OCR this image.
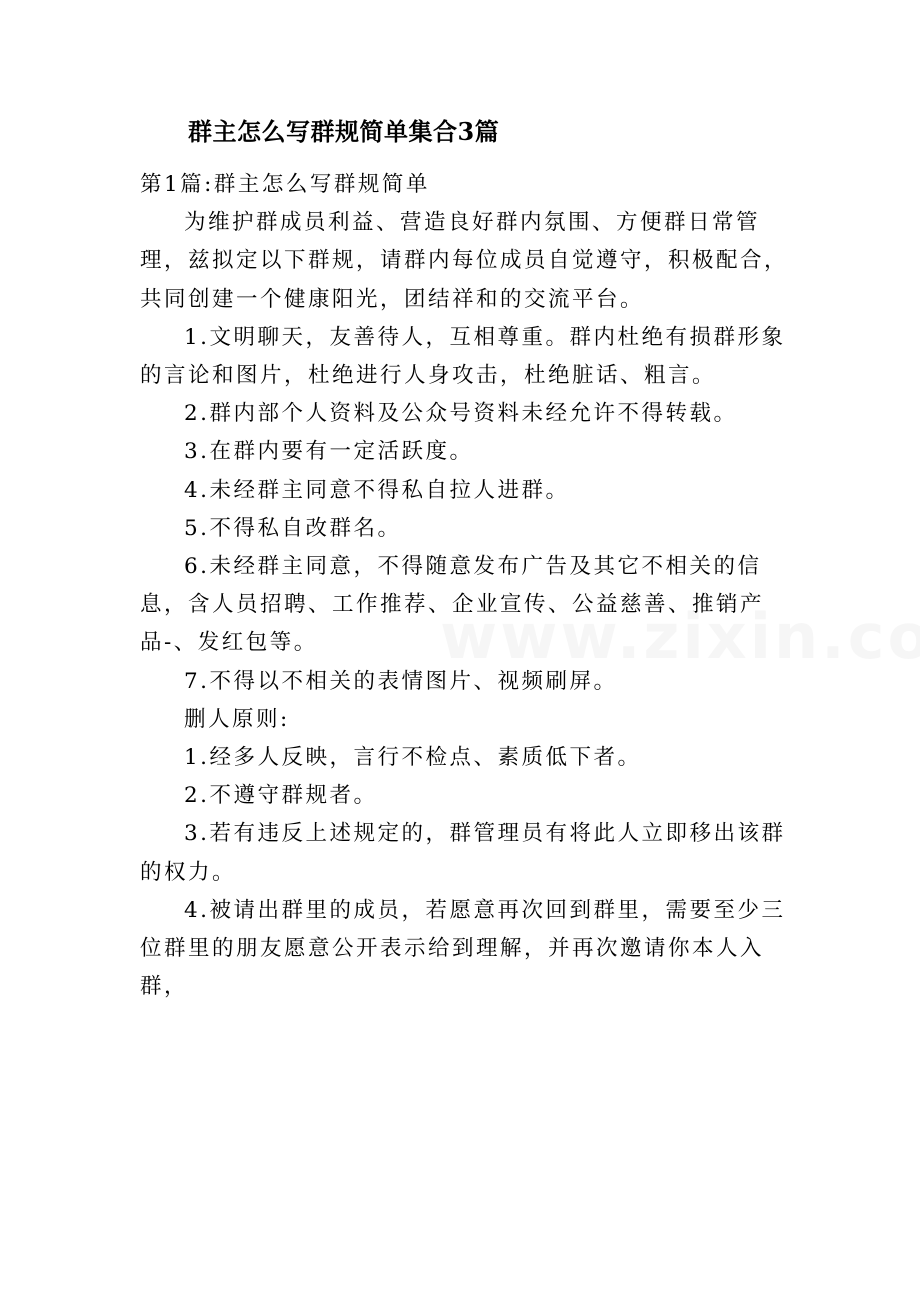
群主怎么写群规简单集合3篇

第1篇:群主怎么写群规简单

为维护群成员利益、营造良好群内氛围、方便群日常管理，兹拟定以下群规，请群内每位成员自觉遵守，积极配合，共同创建一个健康阳光，团结祥和的交流平台。

1.文明聊天，友善待人，互相尊重。群内杜绝有损群形象的言论和图片，杜绝进行人身攻击，杜绝脏话、粗言。

2.群内部个人资料及公众号资料未经允许不得转载。

3.在群内要有一定活跃度。

4.未经群主同意不得私自拉人进群。

5.不得私自改群名。

6.未经群主同意，不得随意发布广告及其它不相关的信息，含人员招聘、工作推荐、企业宣传、公益慈善、推销产品-、发红包等。

7.不得以不相关的表情图片、视频刷屏。

删人原则:

1.经多人反映，言行不检点、素质低下者。

2.不遵守群规者。

3.若有违反上述规定的，群管理员有将此人立即移出该群的权力。

4.被请出群里的成员，若愿意再次回到群里，需要至少三位群里的朋友愿意公开表示给到理解，并再次邀请你本人入群，
